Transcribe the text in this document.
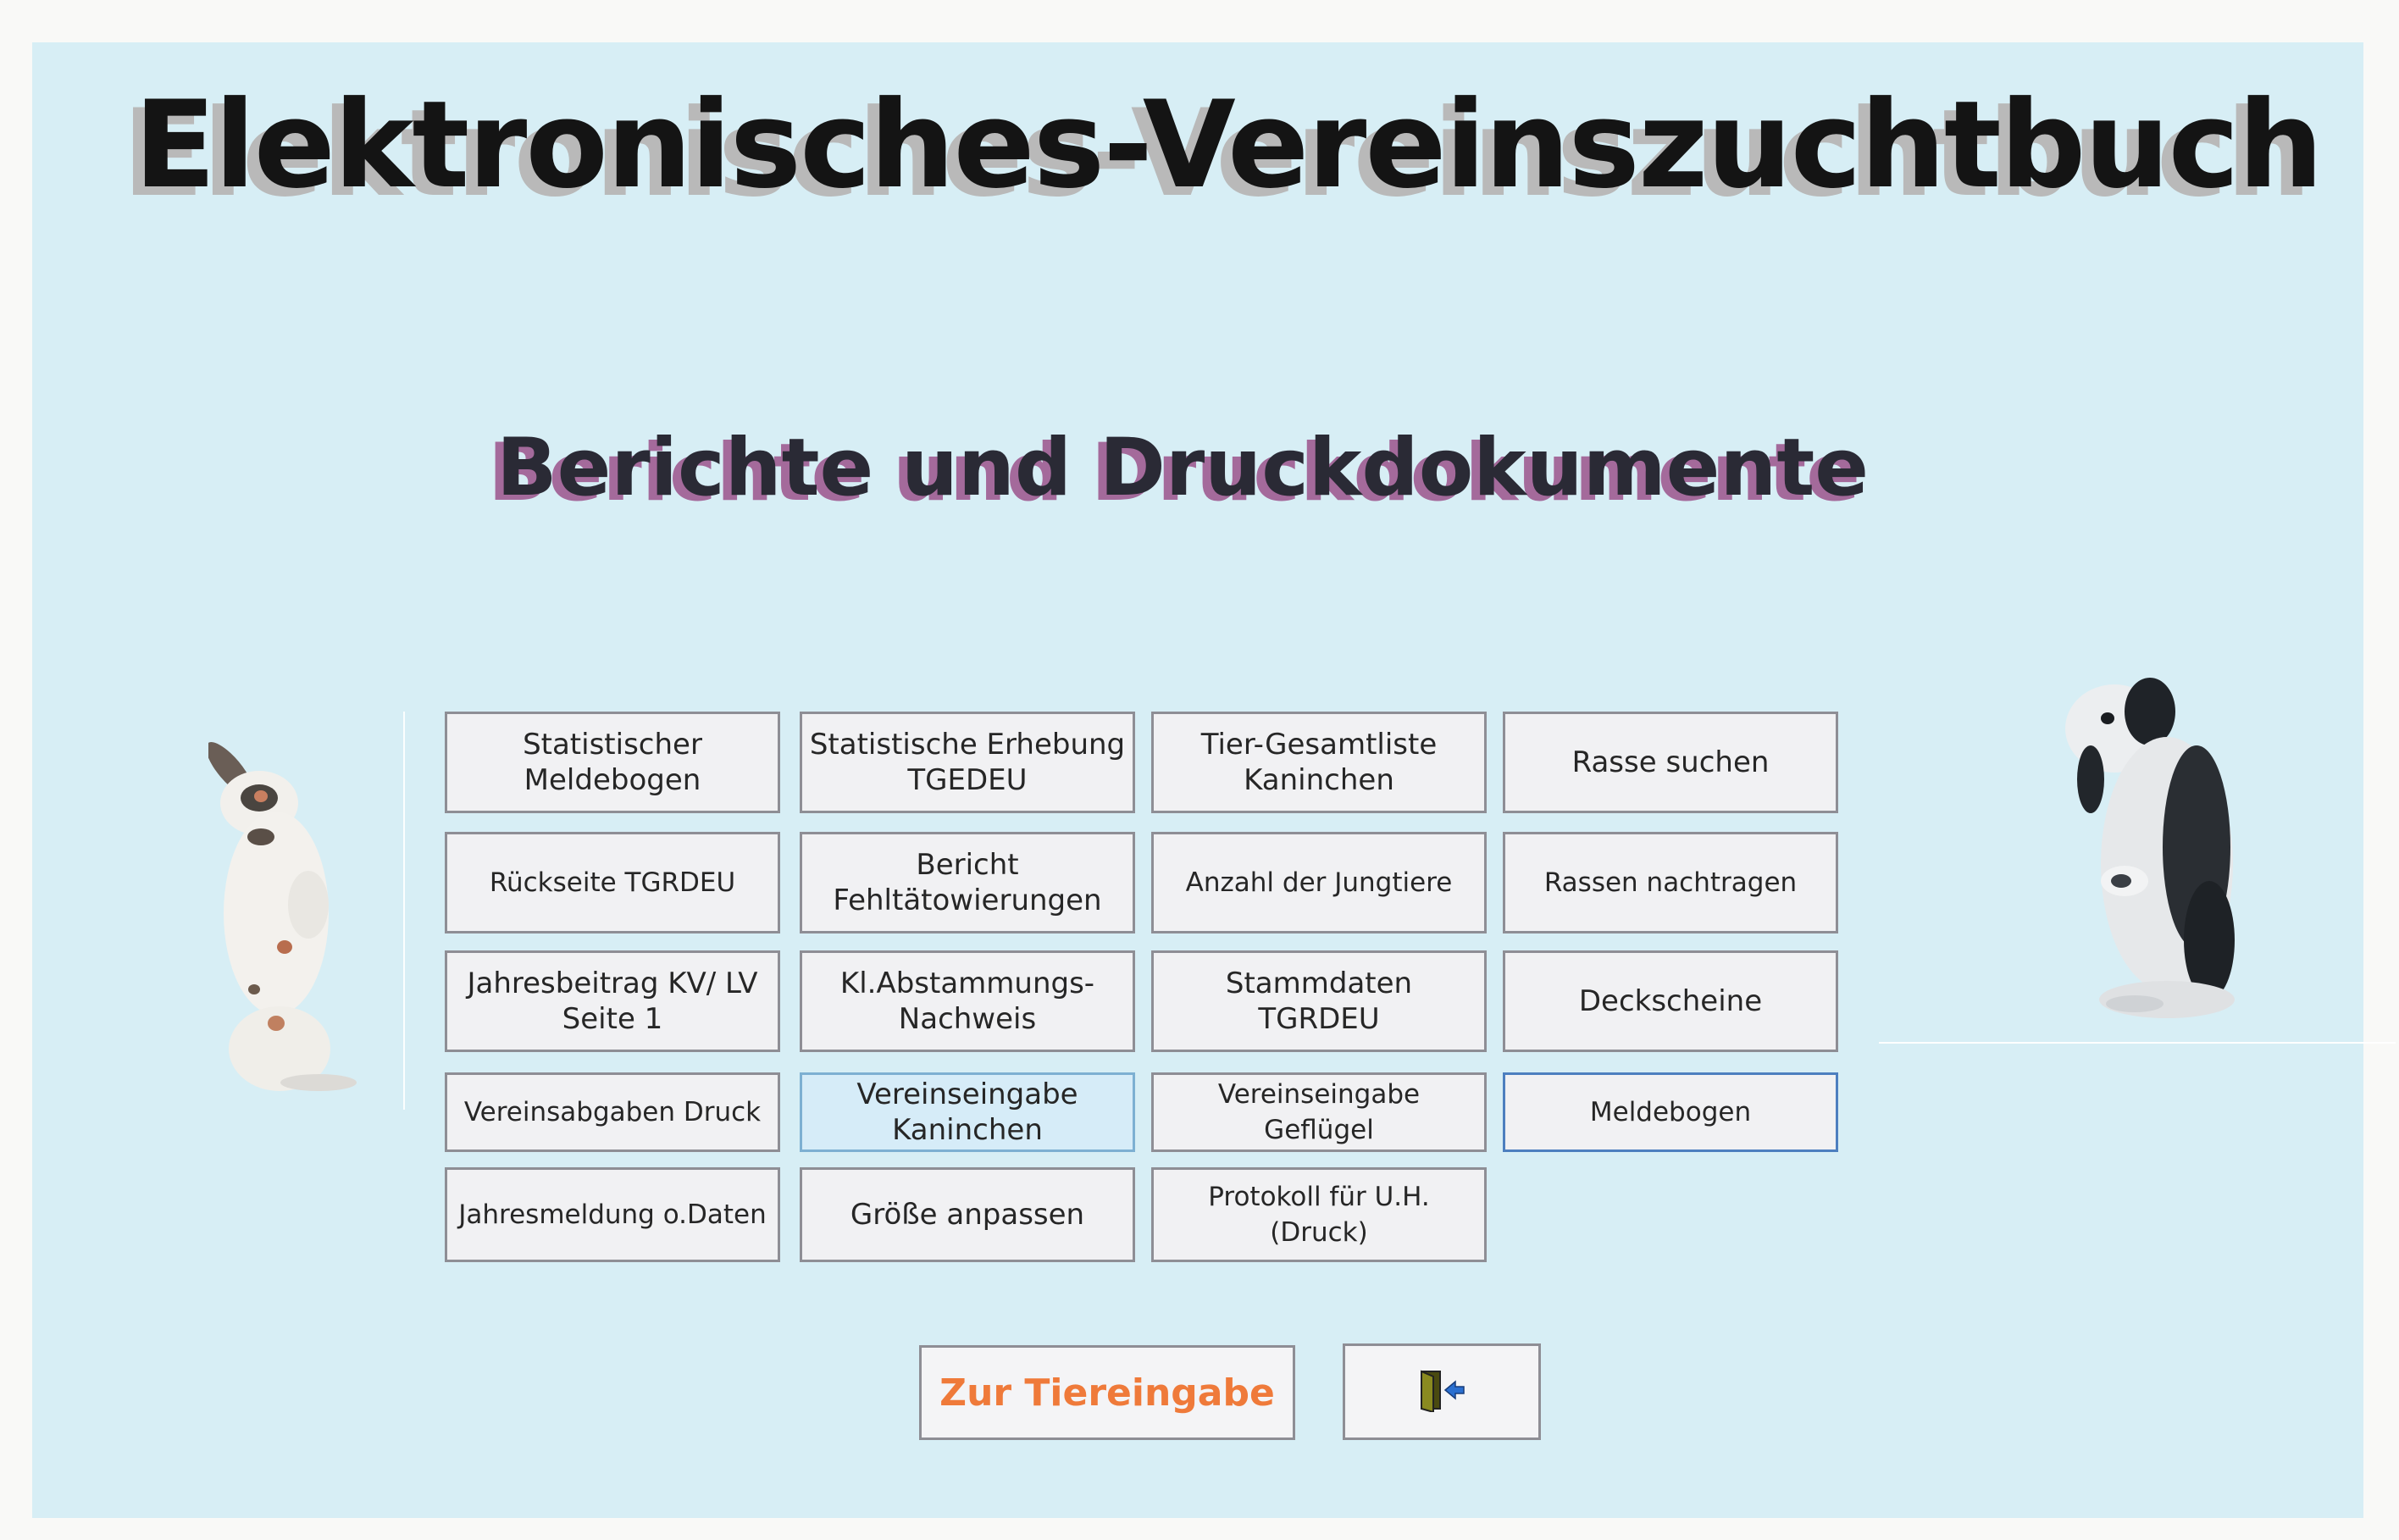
Elektronisches-Vereinszuchtbuch
Berichte und Druckdokumente
Statistischer
Meldebogen
Statistische Erhebung
TGEDEU
Tier-Gesamtliste
Kaninchen
Rasse suchen
Rückseite TGRDEU
Bericht
Fehltätowierungen
Anzahl der Jungtiere	Rassen nachtragen
Jahresbeitrag KV/ LV
Seite 1
Kl.Abstammungs-
Nachweis
Stammdaten TGRDEU
Deckscheine
Vereinsabgaben Druck
Vereinseingabe
Kaninchen
Vereinseingabe Geflügel
Meldebogen
Jahresmeldung o.Daten	Größe anpassen
Protokoll für U.H.
(Druck)
Zur Tiereingabe
